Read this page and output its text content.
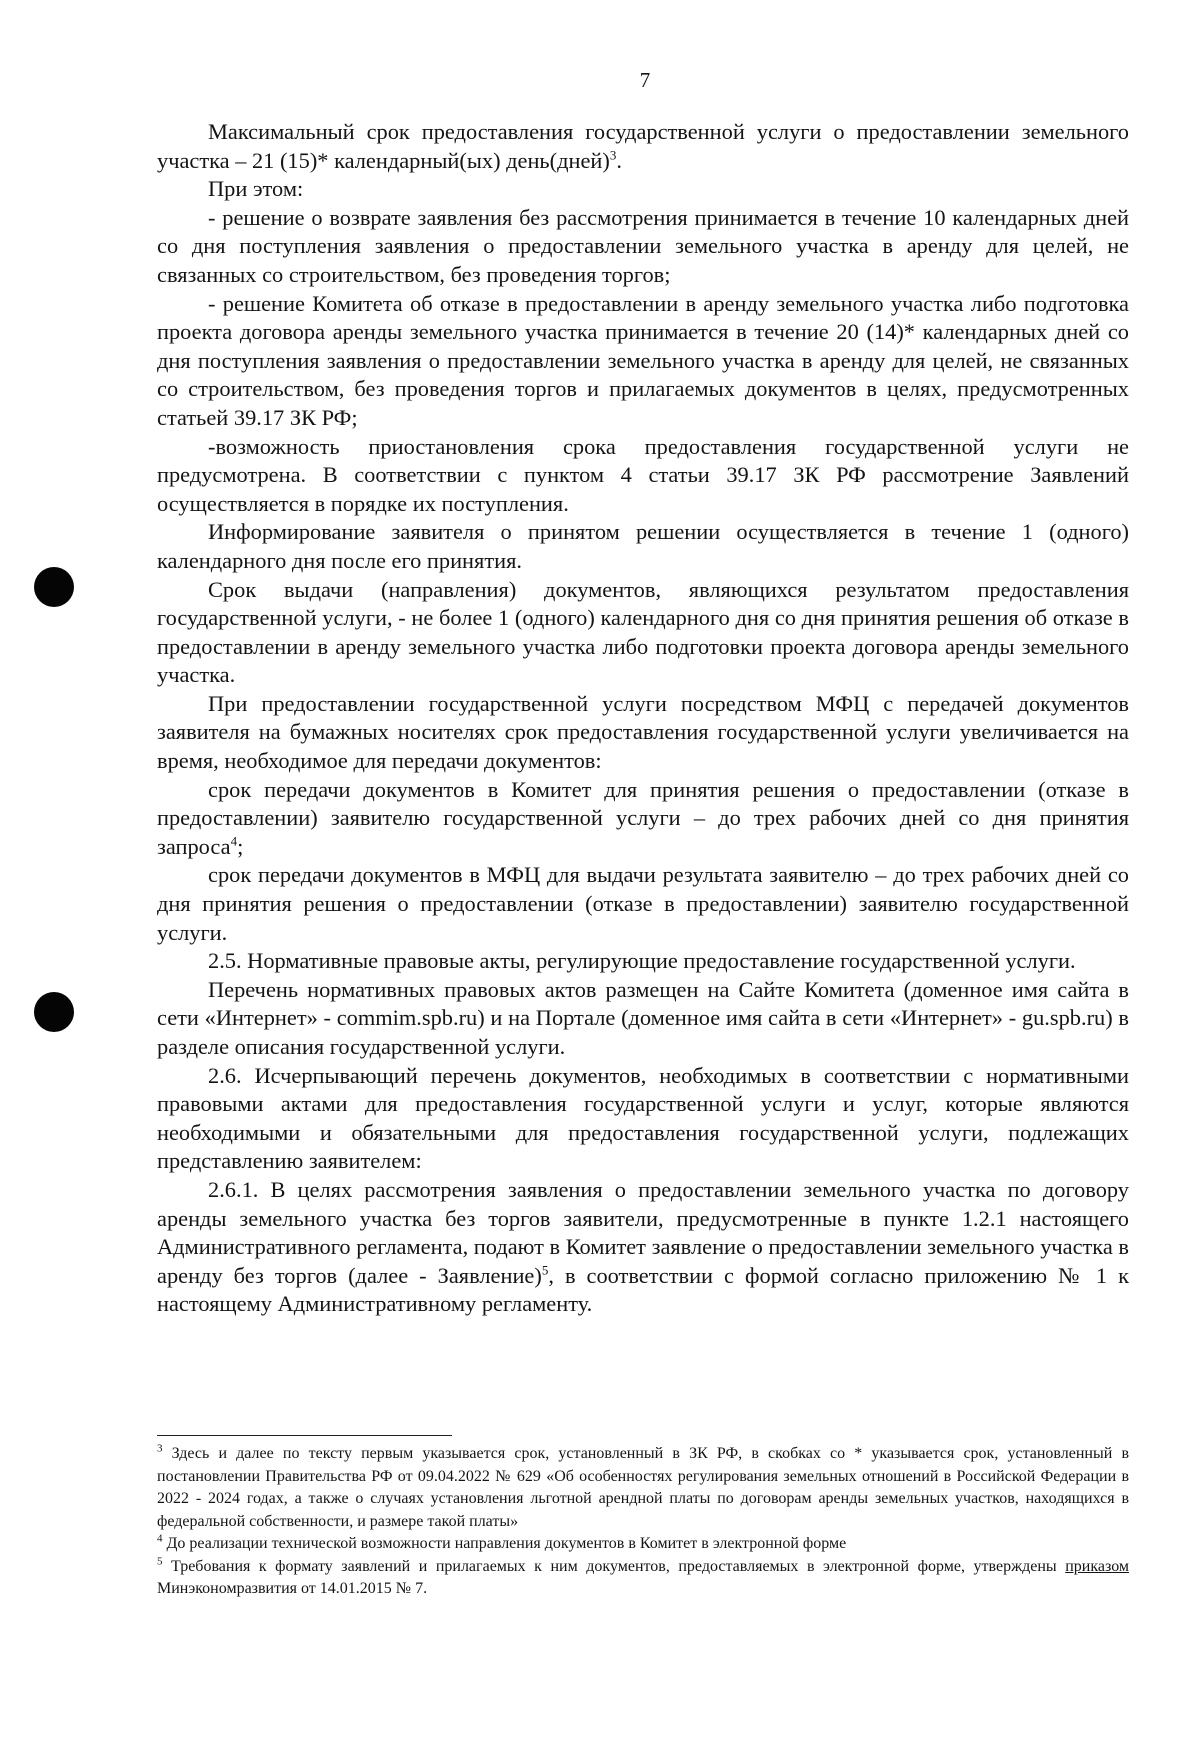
7

Максимальный срок предоставления государственной услуги о предоставлении земельного участка – 21 (15)* календарный(ых) день(дней)$^3$.

При этом:

- решение о возврате заявления без рассмотрения принимается в течение 10 календарных дней со дня поступления заявления о предоставлении земельного участка в аренду для целей, не связанных со строительством, без проведения торгов;

- решение Комитета об отказе в предоставлении в аренду земельного участка либо подготовка проекта договора аренды земельного участка принимается в течение 20 (14)* календарных дней со дня поступления заявления о предоставлении земельного участка в аренду для целей, не связанных со строительством, без проведения торгов и прилагаемых документов в целях, предусмотренных статьей 39.17 ЗК РФ;

-возможность приостановления срока предоставления государственной услуги не предусмотрена. В соответствии с пунктом 4 статьи 39.17 ЗК РФ рассмотрение Заявлений осуществляется в порядке их поступления.

Информирование заявителя о принятом решении осуществляется в течение 1 (одного) календарного дня после его принятия.

Срок выдачи (направления) документов, являющихся результатом предоставления государственной услуги, - не более 1 (одного) календарного дня со дня принятия решения об отказе в предоставлении в аренду земельного участка либо подготовки проекта договора аренды земельного участка.

При предоставлении государственной услуги посредством МФЦ с передачей документов заявителя на бумажных носителях срок предоставления государственной услуги увеличивается на время, необходимое для передачи документов:

срок передачи документов в Комитет для принятия решения о предоставлении (отказе в предоставлении) заявителю государственной услуги – до трех рабочих дней со дня принятия запроса$^4$;

срок передачи документов в МФЦ для выдачи результата заявителю – до трех рабочих дней со дня принятия решения о предоставлении (отказе в предоставлении) заявителю государственной услуги.

2.5. Нормативные правовые акты, регулирующие предоставление государственной услуги.

Перечень нормативных правовых актов размещен на Сайте Комитета (доменное имя сайта в сети «Интернет» - commim.spb.ru) и на Портале (доменное имя сайта в сети «Интернет» - gu.spb.ru) в разделе описания государственной услуги.

2.6. Исчерпывающий перечень документов, необходимых в соответствии с нормативными правовыми актами для предоставления государственной услуги и услуг, которые являются необходимыми и обязательными для предоставления государственной услуги, подлежащих представлению заявителем:

2.6.1. В целях рассмотрения заявления о предоставлении земельного участка по договору аренды земельного участка без торгов заявители, предусмотренные в пункте 1.2.1 настоящего Административного регламента, подают в Комитет заявление о предоставлении земельного участка в аренду без торгов (далее - Заявление)$^5$, в соответствии с формой согласно приложению № 1 к настоящему Административному регламенту.

$^3$ Здесь и далее по тексту первым указывается срок, установленный в ЗК РФ, в скобках со * указывается срок, установленный в постановлении Правительства РФ от 09.04.2022 № 629 «Об особенностях регулирования земельных отношений в Российской Федерации в 2022 - 2024 годах, а также о случаях установления льготной арендной платы по договорам аренды земельных участков, находящихся в федеральной собственности, и размере такой платы»

$^4$ До реализации технической возможности направления документов в Комитет в электронной форме

$^5$ Требования к формату заявлений и прилагаемых к ним документов, предоставляемых в электронной форме, утверждены приказом Минэкономразвития от 14.01.2015 № 7.
